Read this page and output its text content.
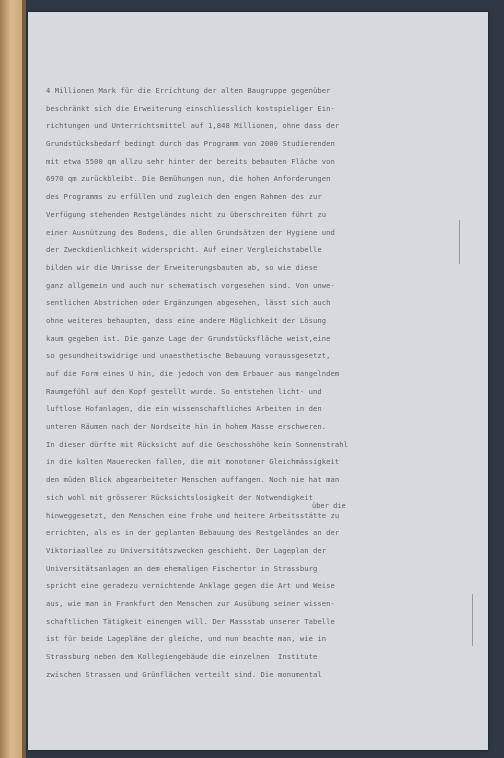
4 Millionen Mark für die Errichtung der alten Baugruppe gegenüber
beschränkt sich die Erweiterung einschliesslich kostspieliger Ein-
richtungen und Unterrichtsmittel auf 1,848 Millionen, ohne dass der
Grundstücksbedarf bedingt durch das Programm von 2000 Studierenden
mit etwa 5500 qm allzu sehr hinter der bereits bebauten Fläche von
6970 qm zurückbleibt. Die Bemühungen nun, die hohen Anforderungen
des Programms zu erfüllen und zugleich den engen Rahmen des zur
Verfügung stehenden Restgeländes nicht zu überschreiten führt zu
einer Ausnützung des Bodens, die allen Grundsätzen der Hygiene und
der Zweckdienlichkeit widerspricht. Auf einer Vergleichstabelle
bilden wir die Umrisse der Erweiterungsbauten ab, so wie diese
ganz allgemein und auch nur schematisch vorgesehen sind. Von unwe-
sentlichen Abstrichen oder Ergänzungen abgesehen, lässt sich auch
ohne weiteres behaupten, dass eine andere Möglichkeit der Lösung
kaum gegeben ist. Die ganze Lage der Grundstücksfläche weist,eine
so gesundheitswidrige und unaesthetische Bebauung voraussgesetzt,
auf die Form eines U hin, die jedoch von dem Erbauer aus mangelndem
Raumgefühl auf den Kopf gestellt wurde. So entstehen licht- und
luftlose Hofanlagen, die ein wissenschaftliches Arbeiten in den
unteren Räumen nach der Nordseite hin in hohem Masse erschweren.
In dieser dürfte mit Rücksicht auf die Geschosshöhe kein Sonnenstrahl
in die kalten Mauerecken fallen, die mit monotoner Gleichmässigkeit
den müden Blick abgearbeiteter Menschen auffangen. Noch nie hat man
sich wohl mit grösserer Rücksichtslosigkeit der Notwendigkeit
hinweggesetzt, den Menschen eine frohe und heitere Arbeitsstätte zu
errichten, als es in der geplanten Bebauung des Restgeländes an der
Viktoriaallee zu Universitätszwecken geschieht. Der Lageplan der
Universitätsanlagen an dem ehemaligen Fischertor in Strassburg
spricht eine geradezu vernichtende Anklage gegen die Art und Weise
aus, wie man in Frankfurt den Menschen zur Ausübung seiner wissen-
schaftlichen Tätigkeit einengen will. Der Massstab unserer Tabelle
ist für beide Lagepläne der gleiche, und nun beachte man, wie in
Strassburg neben dem Kollegiengebäude die einzelnen  Institute
zwischen Strassen und Grünflächen verteilt sind. Die monumental
über die
